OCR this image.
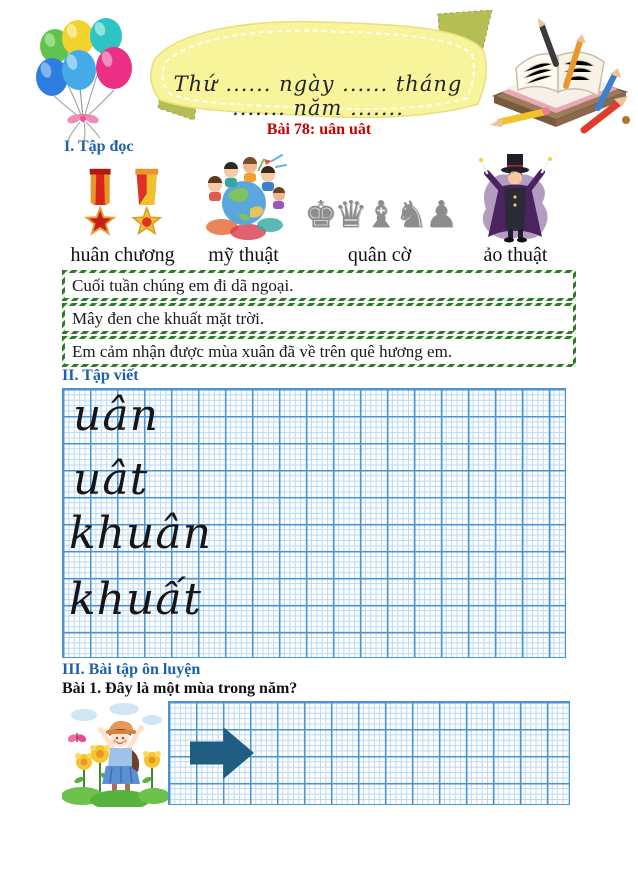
Thứ ...... ngày ...... tháng ....... năm .......
Bài 78: uân uât
I. Tập đọc
huân chương mỹ thuật
♚♛♝♞♟
quân cờ	ảo thuật
Cuối tuần chúng em đi dã ngoại.
Mây đen che khuất mặt trời.
Em cảm nhận được mùa xuân đã về trên quê hương em.
II. Tập viết
uân
uât
khuân
khuất
III. Bài tập ôn luyện
Bài 1. Đây là một mùa trong năm?
